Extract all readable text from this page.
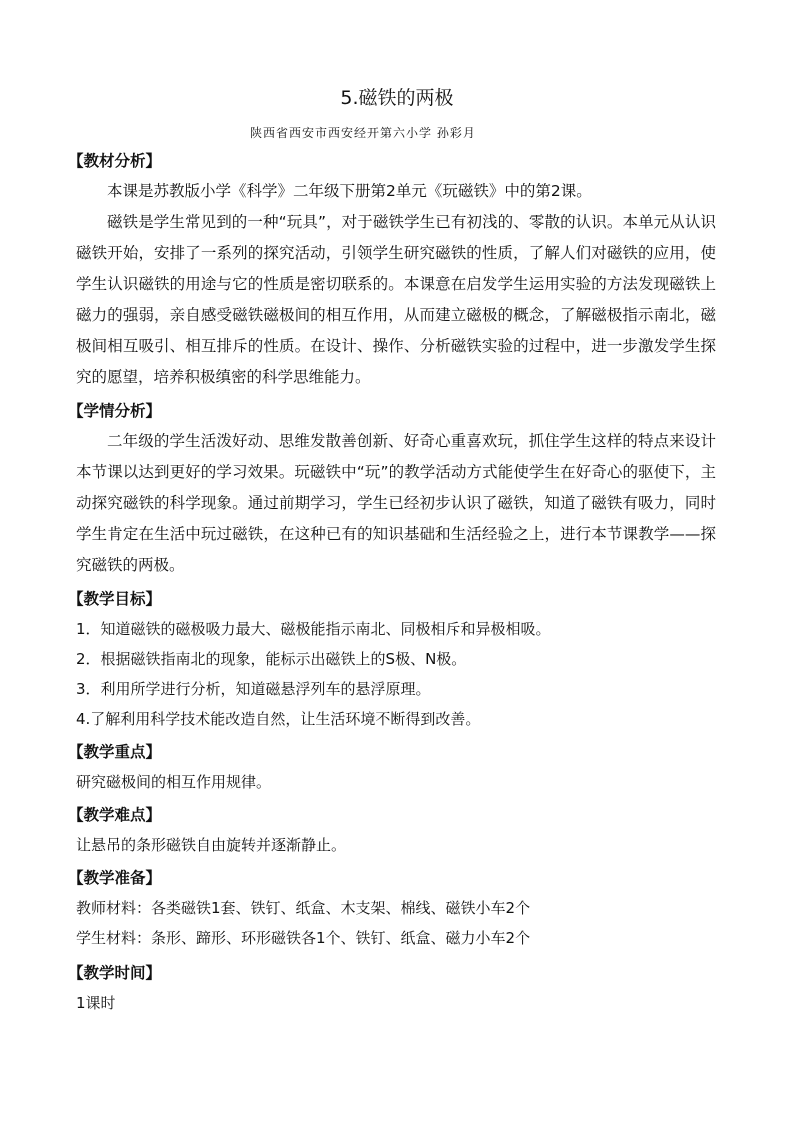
5.磁铁的两极
陕西省西安市西安经开第六小学 孙彩月
【教材分析】

本课是苏教版小学《科学》二年级下册第2单元《玩磁铁》中的第2课。

磁铁是学生常见到的一种“玩具”，对于磁铁学生已有初浅的、零散的认识。本单元从认识磁铁开始，安排了一系列的探究活动，引领学生研究磁铁的性质，了解人们对磁铁的应用，使学生认识磁铁的用途与它的性质是密切联系的。本课意在启发学生运用实验的方法发现磁铁上磁力的强弱，亲自感受磁铁磁极间的相互作用，从而建立磁极的概念，了解磁极指示南北，磁极间相互吸引、相互排斥的性质。在设计、操作、分析磁铁实验的过程中，进一步激发学生探究的愿望，培养积极缜密的科学思维能力。

【学情分析】

二年级的学生活泼好动、思维发散善创新、好奇心重喜欢玩，抓住学生这样的特点来设计本节课以达到更好的学习效果。玩磁铁中“玩”的教学活动方式能使学生在好奇心的驱使下，主动探究磁铁的科学现象。通过前期学习，学生已经初步认识了磁铁，知道了磁铁有吸力，同时学生肯定在生活中玩过磁铁，在这种已有的知识基础和生活经验之上，进行本节课教学——探究磁铁的两极。

【教学目标】
1．知道磁铁的磁极吸力最大、磁极能指示南北、同极相斥和异极相吸。
2．根据磁铁指南北的现象，能标示出磁铁上的S极、N极。
3．利用所学进行分析，知道磁悬浮列车的悬浮原理。
4.了解利用科学技术能改造自然，让生活环境不断得到改善。
【教学重点】
研究磁极间的相互作用规律。
【教学难点】
让悬吊的条形磁铁自由旋转并逐渐静止。
【教学准备】
教师材料：各类磁铁1套、铁钉、纸盒、木支架、棉线、磁铁小车2个
学生材料：条形、蹄形、环形磁铁各1个、铁钉、纸盒、磁力小车2个
【教学时间】
1课时
